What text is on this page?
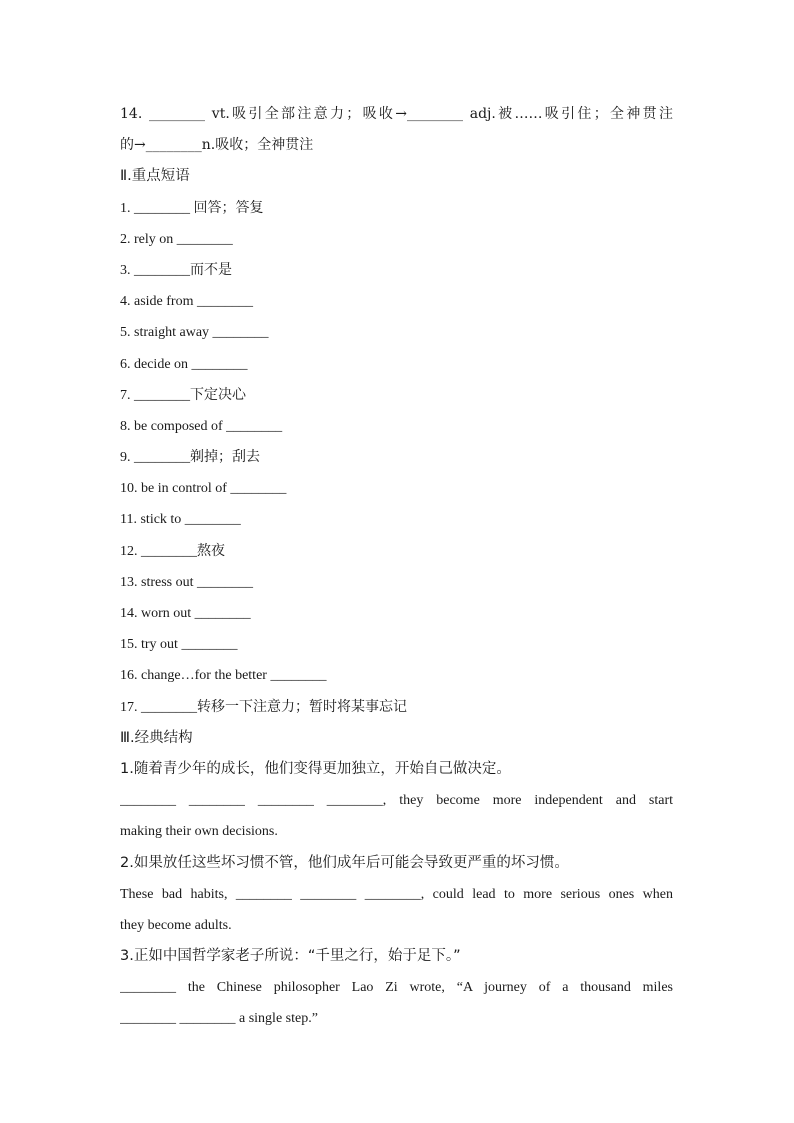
14. ________ vt.吸引全部注意力；吸收→________ adj.被……吸引住；全神贯注
的→________n.吸收；全神贯注
Ⅱ.重点短语
1. ________ 回答；答复
2. rely on ________
3. ________而不是
4. aside from ________
5. straight away ________
6. decide on ________
7. ________下定决心
8. be composed of ________
9. ________剃掉；刮去
10. be in control of ________
11. stick to ________
12. ________熬夜
13. stress out ________
14. worn out ________
15. try out ________
16. change…for the better ________
17. ________转移一下注意力；暂时将某事忘记
Ⅲ.经典结构
1.随着青少年的成长，他们变得更加独立，开始自己做决定。
________ ________ ________ ________, they become more independent and start
making their own decisions.
2.如果放任这些坏习惯不管，他们成年后可能会导致更严重的坏习惯。
These bad habits, ________ ________ ________, could lead to more serious ones when
they become adults.
3.正如中国哲学家老子所说：“千里之行，始于足下。”
________ the Chinese philosopher Lao Zi wrote, “A journey of a thousand miles
________ ________ a single step.”
